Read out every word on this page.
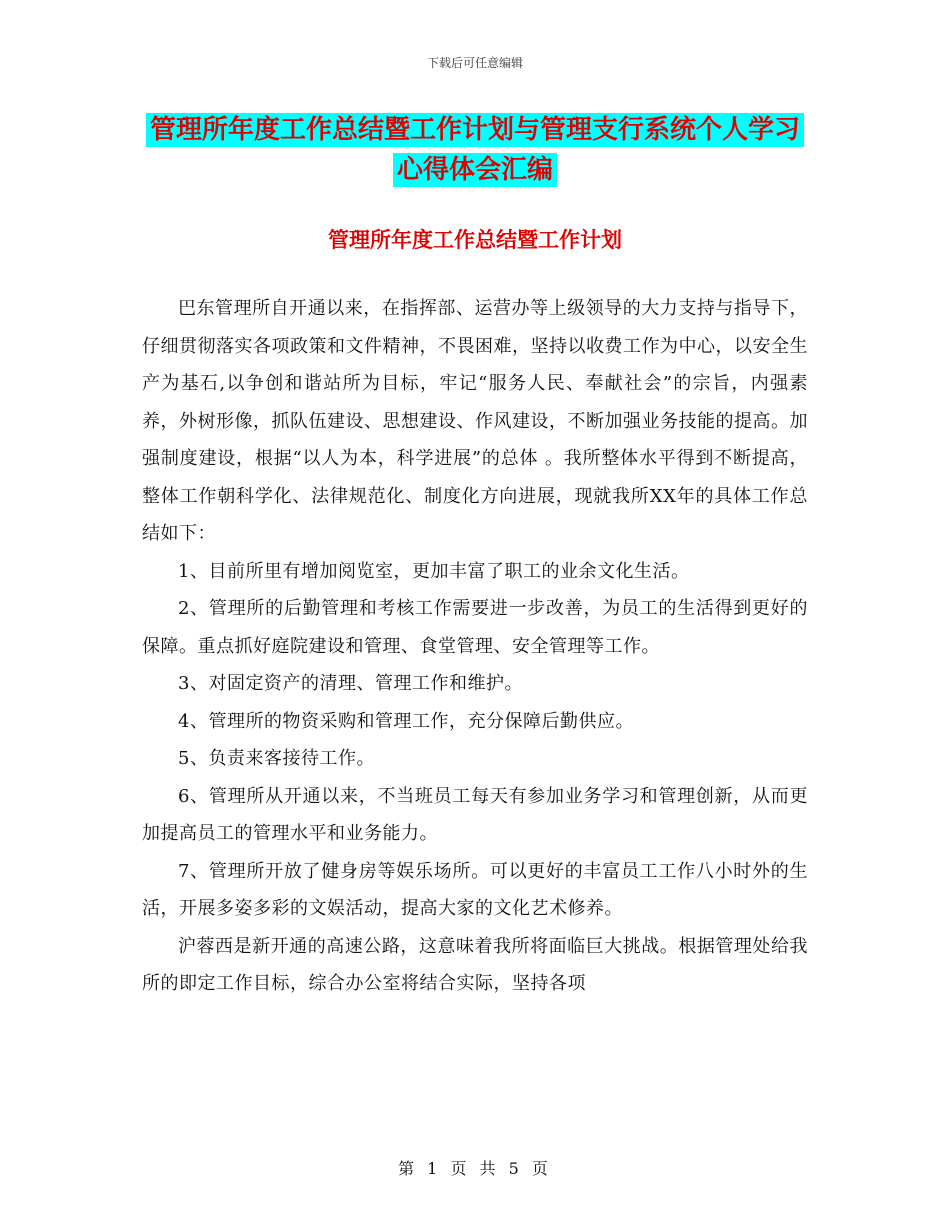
下载后可任意编辑
管理所年度工作总结暨工作计划与管理支行系统个人学习心得体会汇编
管理所年度工作总结暨工作计划

巴东管理所自开通以来，在指挥部、运营办等上级领导的大力支持与指导下，仔细贯彻落实各项政策和文件精神，不畏困难，坚持以收费工作为中心，以安全生产为基石,以争创和谐站所为目标，牢记“服务人民、奉献社会”的宗旨，内强素养，外树形像，抓队伍建设、思想建设、作风建设，不断加强业务技能的提高。加强制度建设，根据“以人为本，科学进展”的总体 。我所整体水平得到不断提高，整体工作朝科学化、法律规范化、制度化方向进展，现就我所XX年的具体工作总结如下：

1、目前所里有增加阅览室，更加丰富了职工的业余文化生活。

2、管理所的后勤管理和考核工作需要进一步改善，为员工的生活得到更好的保障。重点抓好庭院建设和管理、食堂管理、安全管理等工作。

3、对固定资产的清理、管理工作和维护。

4、管理所的物资采购和管理工作，充分保障后勤供应。

5、负责来客接待工作。

6、管理所从开通以来，不当班员工每天有参加业务学习和管理创新，从而更加提高员工的管理水平和业务能力。

7、管理所开放了健身房等娱乐场所。可以更好的丰富员工工作八小时外的生活，开展多姿多彩的文娱活动，提高大家的文化艺术修养。

沪蓉西是新开通的高速公路，这意味着我所将面临巨大挑战。根据管理处给我所的即定工作目标，综合办公室将结合实际，坚持各项

第 1 页 共 5 页
